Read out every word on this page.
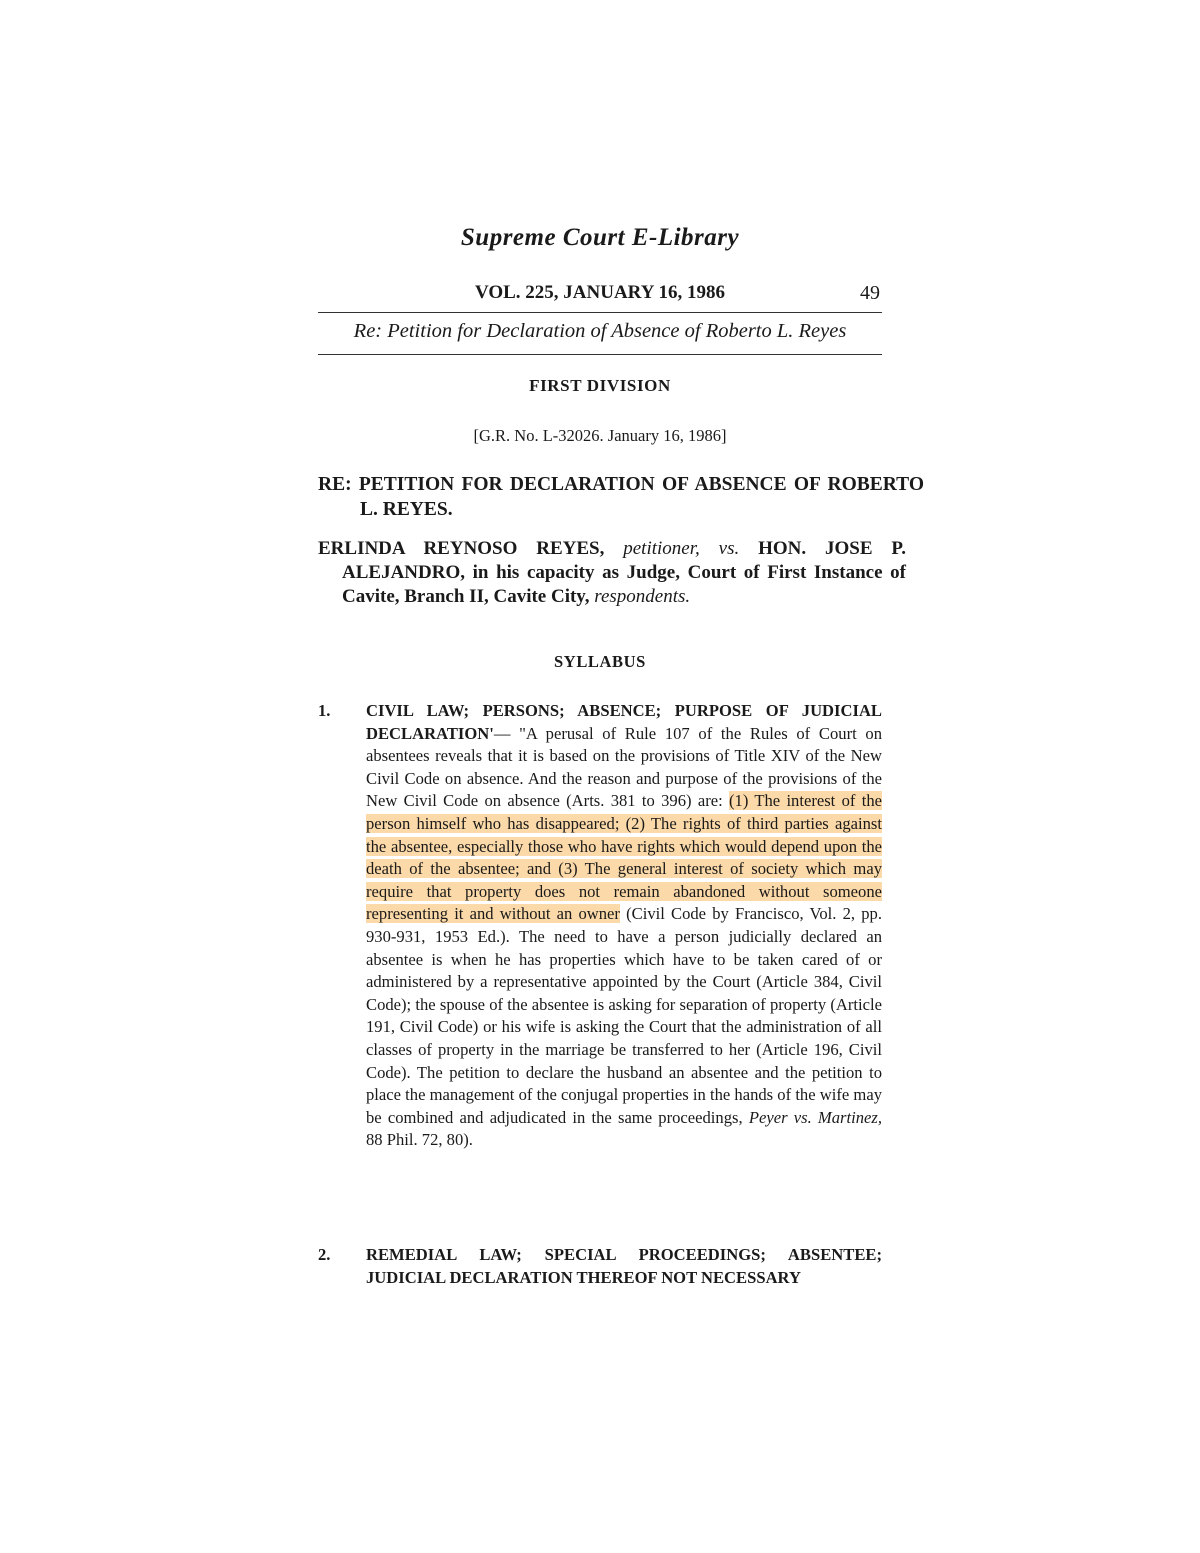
Supreme Court E-Library
VOL. 225, JANUARY 16, 1986	49
Re: Petition for Declaration of Absence of Roberto L. Reyes
FIRST DIVISION
[G.R. No. L-32026. January 16, 1986]
RE: PETITION FOR DECLARATION OF ABSENCE OF ROBERTO L. REYES.
ERLINDA REYNOSO REYES, petitioner, vs. HON. JOSE P. ALEJANDRO, in his capacity as Judge, Court of First Instance of Cavite, Branch II, Cavite City, respondents.
SYLLABUS
1. CIVIL LAW; PERSONS; ABSENCE; PURPOSE OF JUDICIAL DECLARATION'— "A perusal of Rule 107 of the Rules of Court on absentees reveals that it is based on the provisions of Title XIV of the New Civil Code on absence. And the reason and purpose of the provisions of the New Civil Code on absence (Arts. 381 to 396) are: (1) The interest of the person himself who has disappeared; (2) The rights of third parties against the absentee, especially those who have rights which would depend upon the death of the absentee; and (3) The general interest of society which may require that property does not remain abandoned without someone representing it and without an owner (Civil Code by Francisco, Vol. 2, pp. 930-931, 1953 Ed.). The need to have a person judicially declared an absentee is when he has properties which have to be taken cared of or administered by a representative appointed by the Court (Article 384, Civil Code); the spouse of the absentee is asking for separation of property (Article 191, Civil Code) or his wife is asking the Court that the administration of all classes of property in the marriage be transferred to her (Article 196, Civil Code). The petition to declare the husband an absentee and the petition to place the management of the conjugal properties in the hands of the wife may be combined and adjudicated in the same proceedings, Peyer vs. Martinez, 88 Phil. 72, 80).
2. REMEDIAL LAW; SPECIAL PROCEEDINGS; ABSENTEE; JUDICIAL DECLARATION THEREOF NOT NECESSARY
